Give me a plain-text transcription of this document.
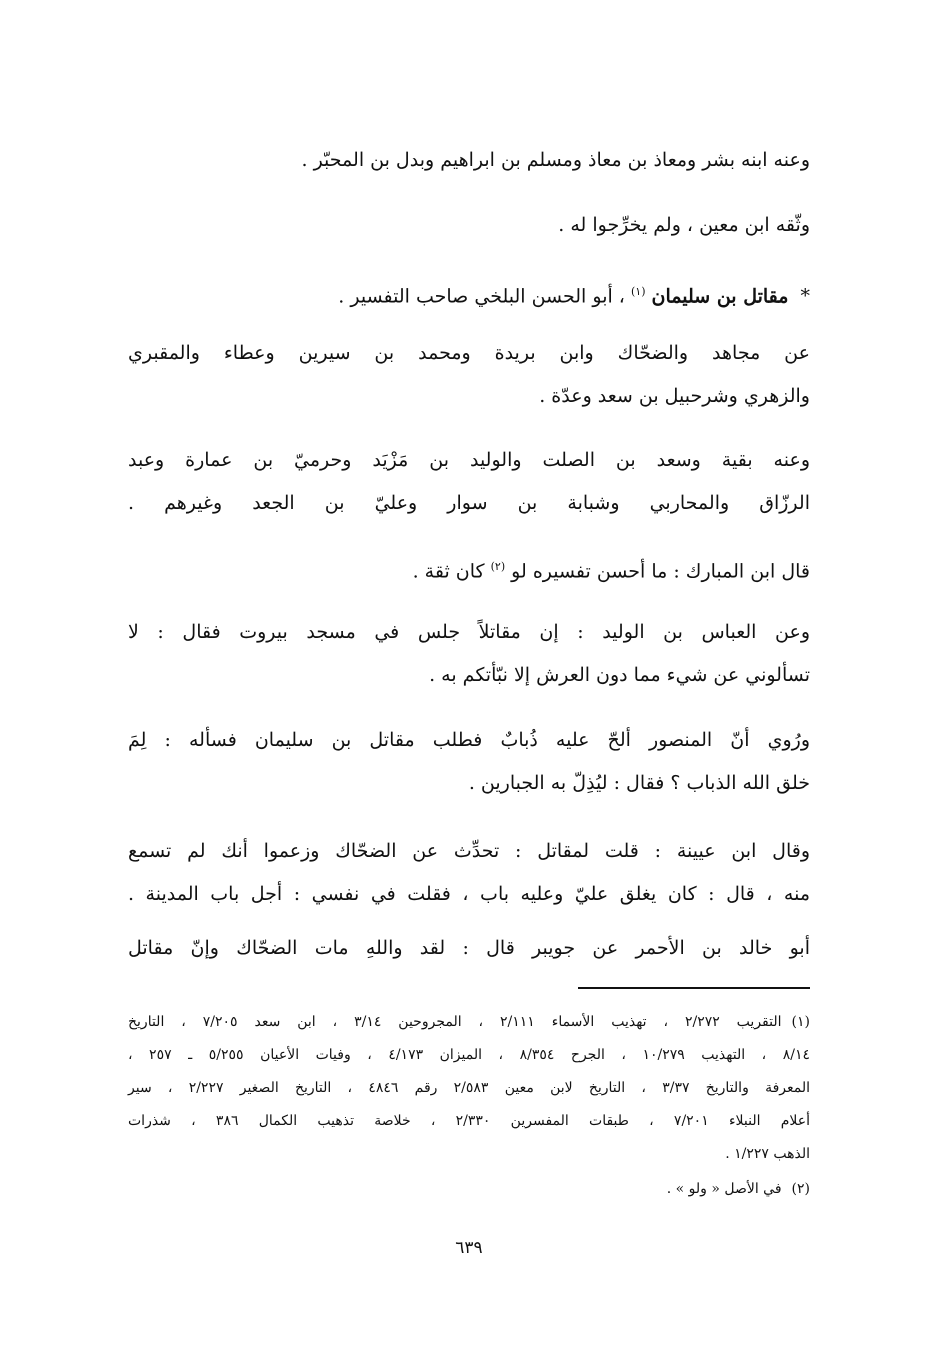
وعنه ابنه بشر ومعاذ بن معاذ ومسلم بن ابراهيم وبدل بن المحبّر .
وثّقه ابن معين ، ولم يخرِّجوا له .
* مقاتل بن سليمان $^{(١)}$ ، أبو الحسن البلخي صاحب التفسير .
عن مجاهد والضحّاك وابن بريدة ومحمد بن سيرين وعطاء والمقبري
والزهري وشرحبيل بن سعد وعدّة .
وعنه بقية وسعد بن الصلت والوليد بن مَزْيَد وحرميّ بن عمارة وعبد
الرزّاق والمحاربي وشبابة بن سوار وعليّ بن الجعد وغيرهم .
قال ابن المبارك : ما أحسن تفسيره لو $^{(٢)}$ كان ثقة .
وعن العباس بن الوليد : إن مقاتلاً جلس في مسجد بيروت فقال : لا
تسألوني عن شيء مما دون العرش إلا نبّأتكم به .
ورُوي أنّ المنصور ألحّ عليه ذُبابٌ فطلب مقاتل بن سليمان فسأله : لِمَ
خلق الله الذباب ؟ فقال : ليُذِلّ به الجبارين .
وقال ابن عيينة : قلت لمقاتل : تحدِّث عن الضحّاك وزعموا أنك لم تسمع
منه ، قال : كان يغلق عليّ وعليه باب ، فقلت في نفسي : أجل باب المدينة .
أبو خالد بن الأحمر عن جويبر قال : لقد واللهِ مات الضحّاك وإنّ مقاتل
(١)التقريب ٢/٢٧٢ ، تهذيب الأسماء ٢/١١١ ، المجروحين ٣/١٤ ، ابن سعد ٧/٢٠٥ ، التاريخ
٨/١٤ ، التهذيب ١٠/٢٧٩ ، الجرح ٨/٣٥٤ ، الميزان ٤/١٧٣ ، وفيات الأعيان ٥/٢٥٥ ـ ٢٥٧ ،
المعرفة والتاريخ ٣/٣٧ ، التاريخ لابن معين ٢/٥٨٣ رقم ٤٨٤٦ ، التاريخ الصغير ٢/٢٢٧ ، سير
أعلام النبلاء ٧/٢٠١ ، طبقات المفسرين ٢/٣٣٠ ، خلاصة تذهيب الكمال ٣٨٦ ، شذرات
الذهب ١/٢٢٧ .
(٢)في الأصل « ولو » .
٦٣٩
